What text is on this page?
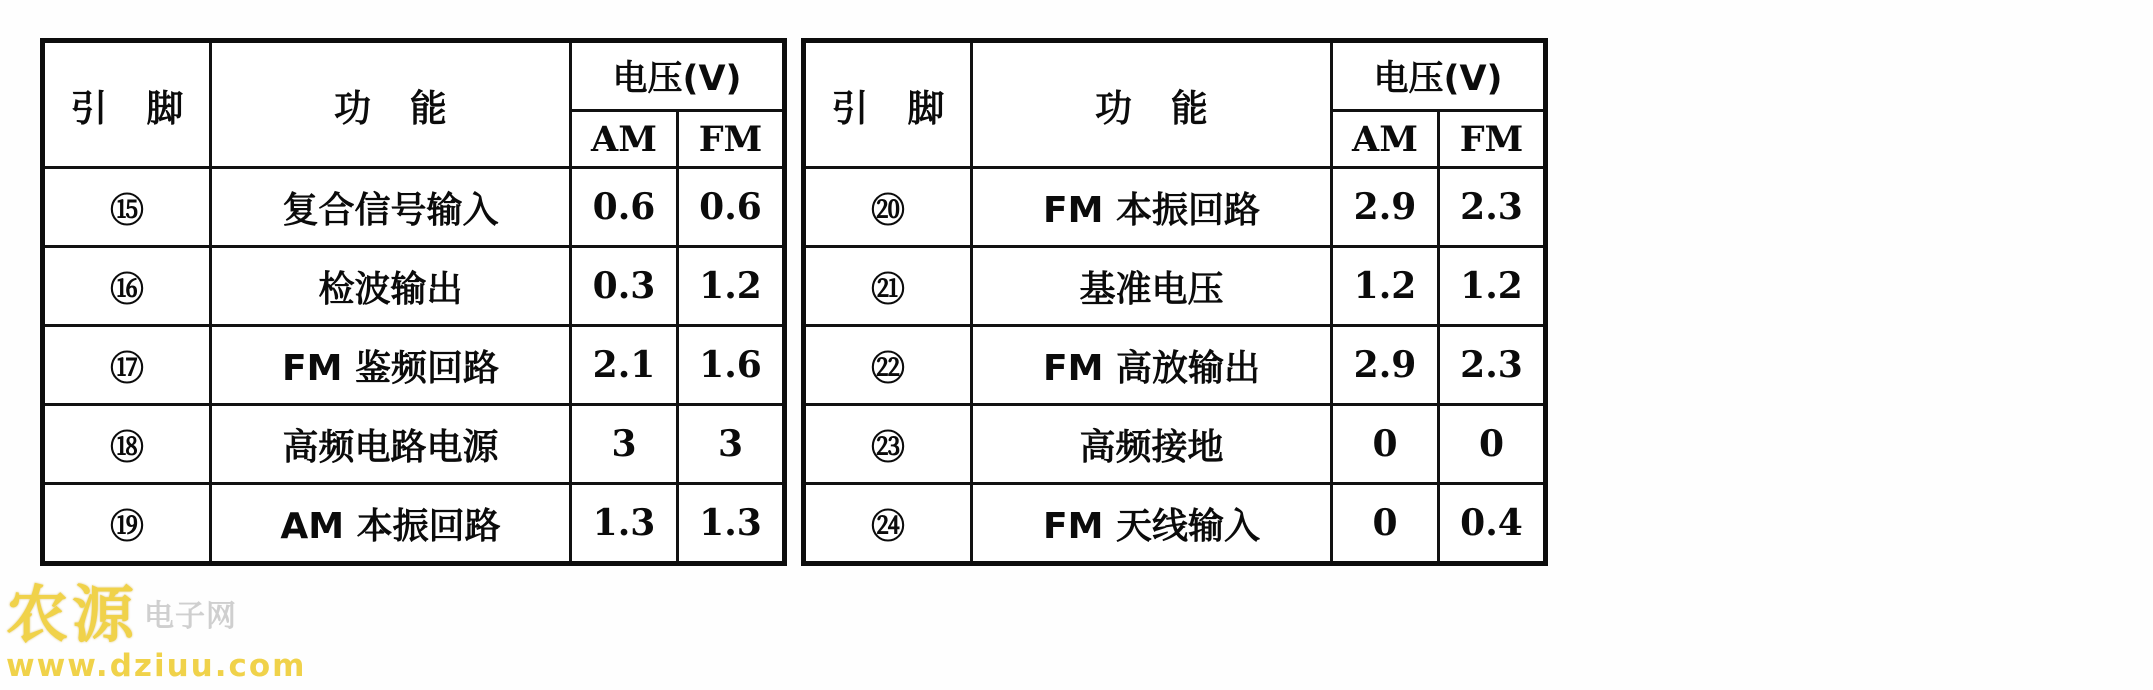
引 脚	功 能	电压(V)	
		AM	FM
⑮	复合信号输入	0.6	0.6
⑯	检波输出	0.3	1.2
⑰	FM 鉴频回路	2.1	1.6
⑱	高频电路电源	3	3
⑲	AM 本振回路	1.3	1.3
引 脚	功 能	电压(V)	
		AM	FM
⑳	FM 本振回路	2.9	2.3
㉑	基准电压	1.2	1.2
㉒	FM 高放输出	2.9	2.3
㉓	高频接地	0	0
㉔	FM 天线输入	0	0.4
农源 电子网
www.dziuu.com
